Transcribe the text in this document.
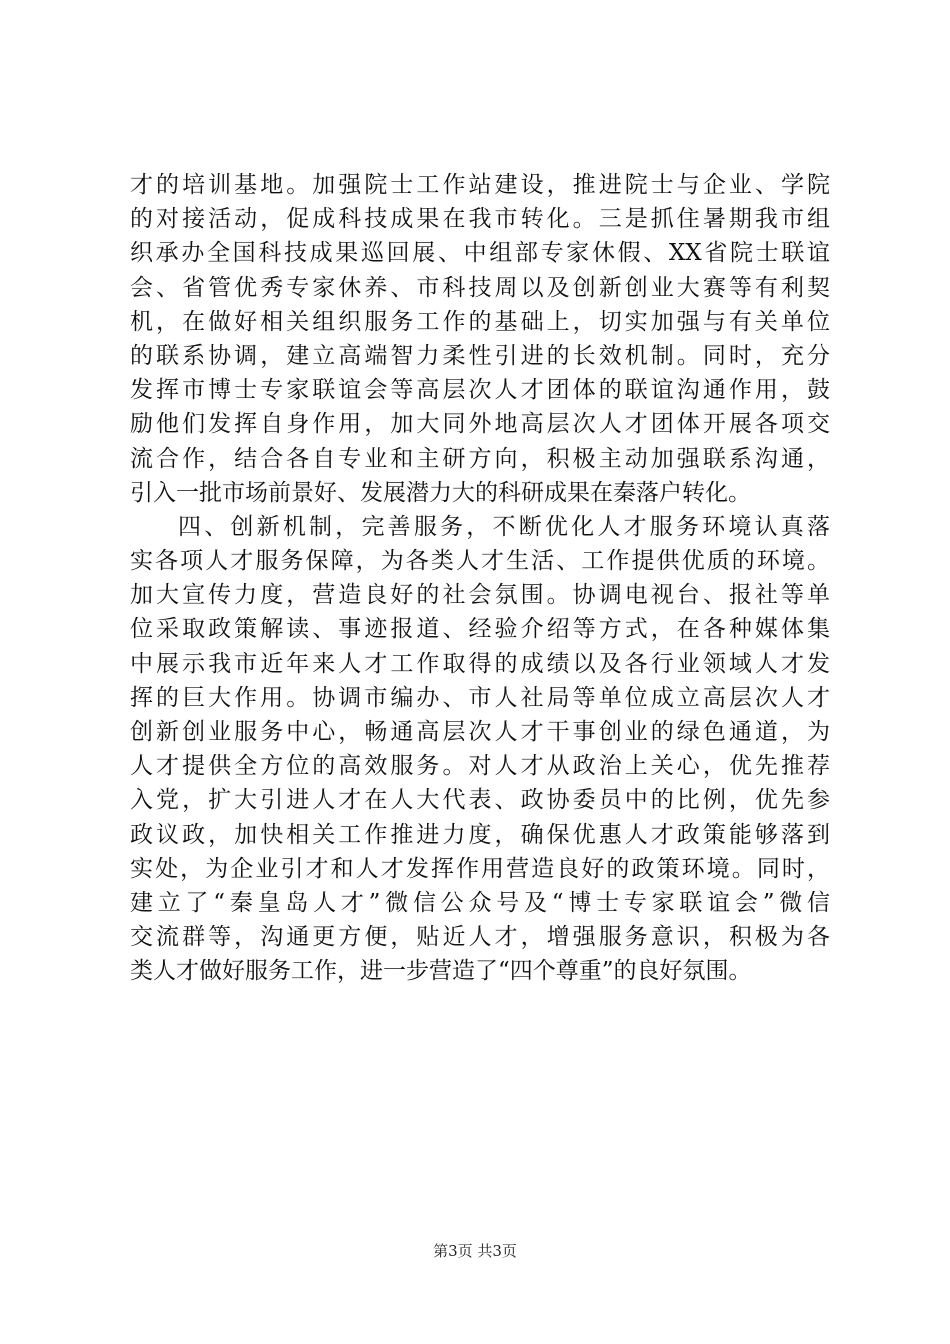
才的培训基地。加强院士工作站建设，推进院士与企业、学院
的对接活动，促成科技成果在我市转化。三是抓住暑期我市组
织承办全国科技成果巡回展、中组部专家休假、XX省院士联谊
会、省管优秀专家休养、市科技周以及创新创业大赛等有利契
机，在做好相关组织服务工作的基础上，切实加强与有关单位
的联系协调，建立高端智力柔性引进的长效机制。同时，充分
发挥市博士专家联谊会等高层次人才团体的联谊沟通作用，鼓
励他们发挥自身作用，加大同外地高层次人才团体开展各项交
流合作，结合各自专业和主研方向，积极主动加强联系沟通，
引入一批市场前景好、发展潜力大的科研成果在秦落户转化。
四、创新机制，完善服务，不断优化人才服务环境认真落
实各项人才服务保障，为各类人才生活、工作提供优质的环境。
加大宣传力度，营造良好的社会氛围。协调电视台、报社等单
位采取政策解读、事迹报道、经验介绍等方式，在各种媒体集
中展示我市近年来人才工作取得的成绩以及各行业领域人才发
挥的巨大作用。协调市编办、市人社局等单位成立高层次人才
创新创业服务中心，畅通高层次人才干事创业的绿色通道，为
人才提供全方位的高效服务。对人才从政治上关心，优先推荐
入党，扩大引进人才在人大代表、政协委员中的比例，优先参
政议政，加快相关工作推进力度，确保优惠人才政策能够落到
实处，为企业引才和人才发挥作用营造良好的政策环境。同时，
建立了“秦皇岛人才”微信公众号及“博士专家联谊会”微信
交流群等，沟通更方便，贴近人才，增强服务意识，积极为各
类人才做好服务工作，进一步营造了“四个尊重”的良好氛围。
第3页 共3页
